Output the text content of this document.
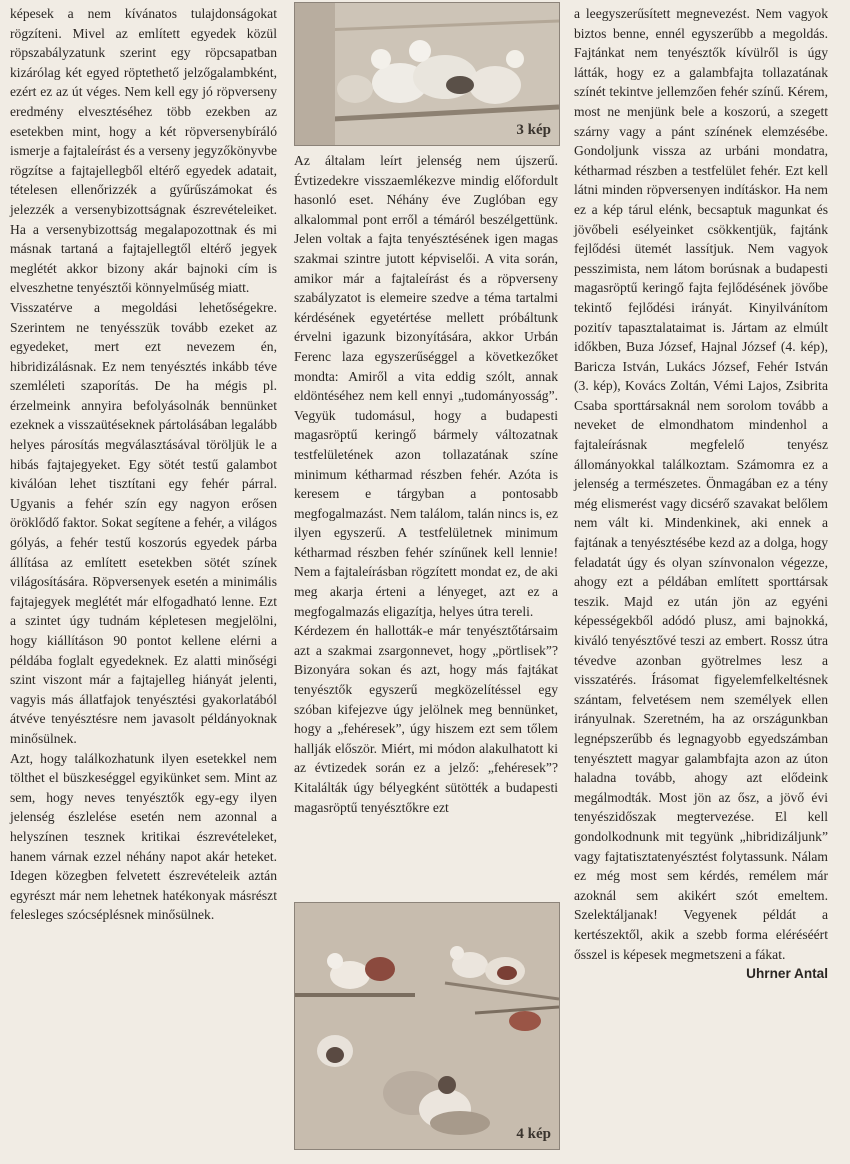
képesek a nem kívánatos tulajdonságokat rögzíteni. Mivel az említett egyedek közül röpszabályzatunk szerint egy röpcsapatban kizárólag két egyed röptethető jelzőgalambként, ezért ez az út véges. Nem kell egy jó röpverseny eredmény elvesztéséhez több ezekben az esetekben mint, hogy a két röpversenybíráló ismerje a fajtaleírást és a verseny jegyzőkönyvbe rögzítse a fajtajellegből eltérő egyedek adatait, tételesen ellenőrizzék a gyűrűszámokat és jelezzék a versenybizottságnak észrevételeiket. Ha a versenybizottság megalapozottnak és mi másnak tartaná a fajtajellegtől eltérő jegyek meglétét akkor bizony akár bajnoki cím is elveszhetne tenyésztői könnyelműség miatt.

Visszatérve a megoldási lehetőségekre. Szerintem ne tenyésszük tovább ezeket az egyedeket, mert ezt nevezem én, hibridizálásnak. Ez nem tenyésztés inkább téve szemléleti szaporítás. De ha mégis pl. érzelmeink annyira befolyásolnák bennünket ezeknek a visszaütéseknek pártolásában legalább helyes párosítás megválasztásával töröljük le a hibás fajtajegyeket. Egy sötét testű galambot kiválóan lehet tisztítani egy fehér párral. Ugyanis a fehér szín egy nagyon erősen öröklődő faktor. Sokat segítene a fehér, a világos gólyás, a fehér testű koszorús egyedek párba állítása az említett esetekben sötét színek világosítására. Röpversenyek esetén a minimális fajtajegyek meglétét már elfogadható lenne. Ezt a szintet úgy tudnám képletesen megjelölni, hogy kiállításon 90 pontot kellene elérni a példába foglalt egyedeknek. Ez alatti minőségi szint viszont már a fajtajelleg hiányát jelenti, vagyis más állatfajok tenyésztési gyakorlatából átvéve tenyésztésre nem javasolt példányoknak minősülnek.

Azt, hogy találkozhatunk ilyen esetekkel nem tölthet el büszkeséggel egyikünket sem. Mint az sem, hogy neves tenyésztők egy-egy ilyen jelenség észlelése esetén nem azonnal a helyszínen tesznek kritikai észrevételeket, hanem várnak ezzel néhány napot akár heteket. Idegen közegben felvetett észrevételeik aztán egyrészt már nem lehetnek hatékonyak másrészt felesleges szócséplésnek minősülnek.

3 kép

Az általam leírt jelenség nem újszerű. Évtizedekre visszaemlékezve mindig előfordult hasonló eset. Néhány éve Zuglóban egy alkalommal pont erről a témáról beszélgettünk. Jelen voltak a fajta tenyésztésének igen magas szakmai szintre jutott képviselői. A vita során, amikor már a fajtaleírást és a röpverseny szabályzatot is elemeire szedve a téma tartalmi kérdésének egyetértése mellett próbáltunk érvelni igazunk bizonyítására, akkor Urbán Ferenc laza egyszerűséggel a következőket mondta: Amiről a vita eddig szólt, annak eldöntéséhez nem kell ennyi „tudományosság”. Vegyük tudomásul, hogy a budapesti magasröptű keringő bármely változatnak testfelületének azon tollazatának színe minimum kétharmad részben fehér. Azóta is keresem e tárgyban a pontosabb megfogalmazást. Nem találom, talán nincs is, ez ilyen egyszerű. A testfelületnek minimum kétharmad részben fehér színűnek kell lennie! Nem a fajtaleírásban rögzített mondat ez, de aki meg akarja érteni a lényeget, azt ez a megfogalmazás eligazítja, helyes útra tereli.

Kérdezem én hallották-e már tenyésztőtársaim azt a szakmai zsargonnevet, hogy „pörtlisek”? Bizonyára sokan és azt, hogy más fajtákat tenyésztők egyszerű megközelítéssel egy szóban kifejezve úgy jelölnek meg bennünket, hogy a „fehéresek”, úgy hiszem ezt sem tőlem hallják először. Miért, mi módon alakulhatott ki az évtizedek során ez a jelző: „fehéresek”? Kitalálták úgy bélyegként sütötték a budapesti magasröptű tenyésztőkre ezt

4 kép

a leegyszerűsített megnevezést. Nem vagyok biztos benne, ennél egyszerűbb a megoldás. Fajtánkat nem tenyésztők kívülről is úgy látták, hogy ez a galambfajta tollazatának színét tekintve jellemzően fehér színű. Kérem, most ne menjünk bele a koszorú, a szegett szárny vagy a pánt színének elemzésébe. Gondoljunk vissza az urbáni mondatra, kétharmad részben a testfelület fehér. Ezt kell látni minden röpversenyen indításkor. Ha nem ez a kép tárul elénk, becsaptuk magunkat és jövőbeli esélyeinket csökkentjük, fajtánk fejlődési ütemét lassítjuk. Nem vagyok pesszimista, nem látom borúsnak a budapesti magasröptű keringő fajta fejlődésének jövőbe tekintő fejlődési irányát. Kinyilvánítom pozitív tapasztalataimat is. Jártam az elmúlt időkben, Buza József, Hajnal József (4. kép), Baricza István, Lukács József, Fehér István (3. kép), Kovács Zoltán, Vémi Lajos, Zsibrita Csaba sporttársaknál nem sorolom tovább a neveket de elmondhatom mindenhol a fajtaleírásnak megfelelő tenyész állományokkal találkoztam. Számomra ez a jelenség a természetes. Önmagában ez a tény még elismerést vagy dicsérő szavakat belőlem nem vált ki. Mindenkinek, aki ennek a fajtának a tenyésztésébe kezd az a dolga, hogy feladatát úgy és olyan színvonalon végezze, ahogy ezt a példában említett sporttársak teszik. Majd ez után jön az egyéni képességekből adódó plusz, ami bajnokká, kiváló tenyésztővé teszi az embert. Rossz útra tévedve azonban gyötrelmes lesz a visszatérés. Írásomat figyelemfelkeltésnek szántam, felvetésem nem személyek ellen irányulnak. Szeretném, ha az országunkban legnépszerűbb és legnagyobb egyedszámban tenyésztett magyar galambfajta azon az úton haladna tovább, ahogy azt elődeink megálmodták. Most jön az ősz, a jövő évi tenyészidőszak megtervezése. El kell gondolkodnunk mit tegyünk „hibridizáljunk” vagy fajtatisztatenyésztést folytassunk. Nálam ez még most sem kérdés, remélem már azoknál sem akikért szót emeltem. Szelektáljanak! Vegyenek példát a kertészektől, akik a szebb forma eléréséért ősszel is képesek megmetszeni a fákat.

Uhrner Antal
